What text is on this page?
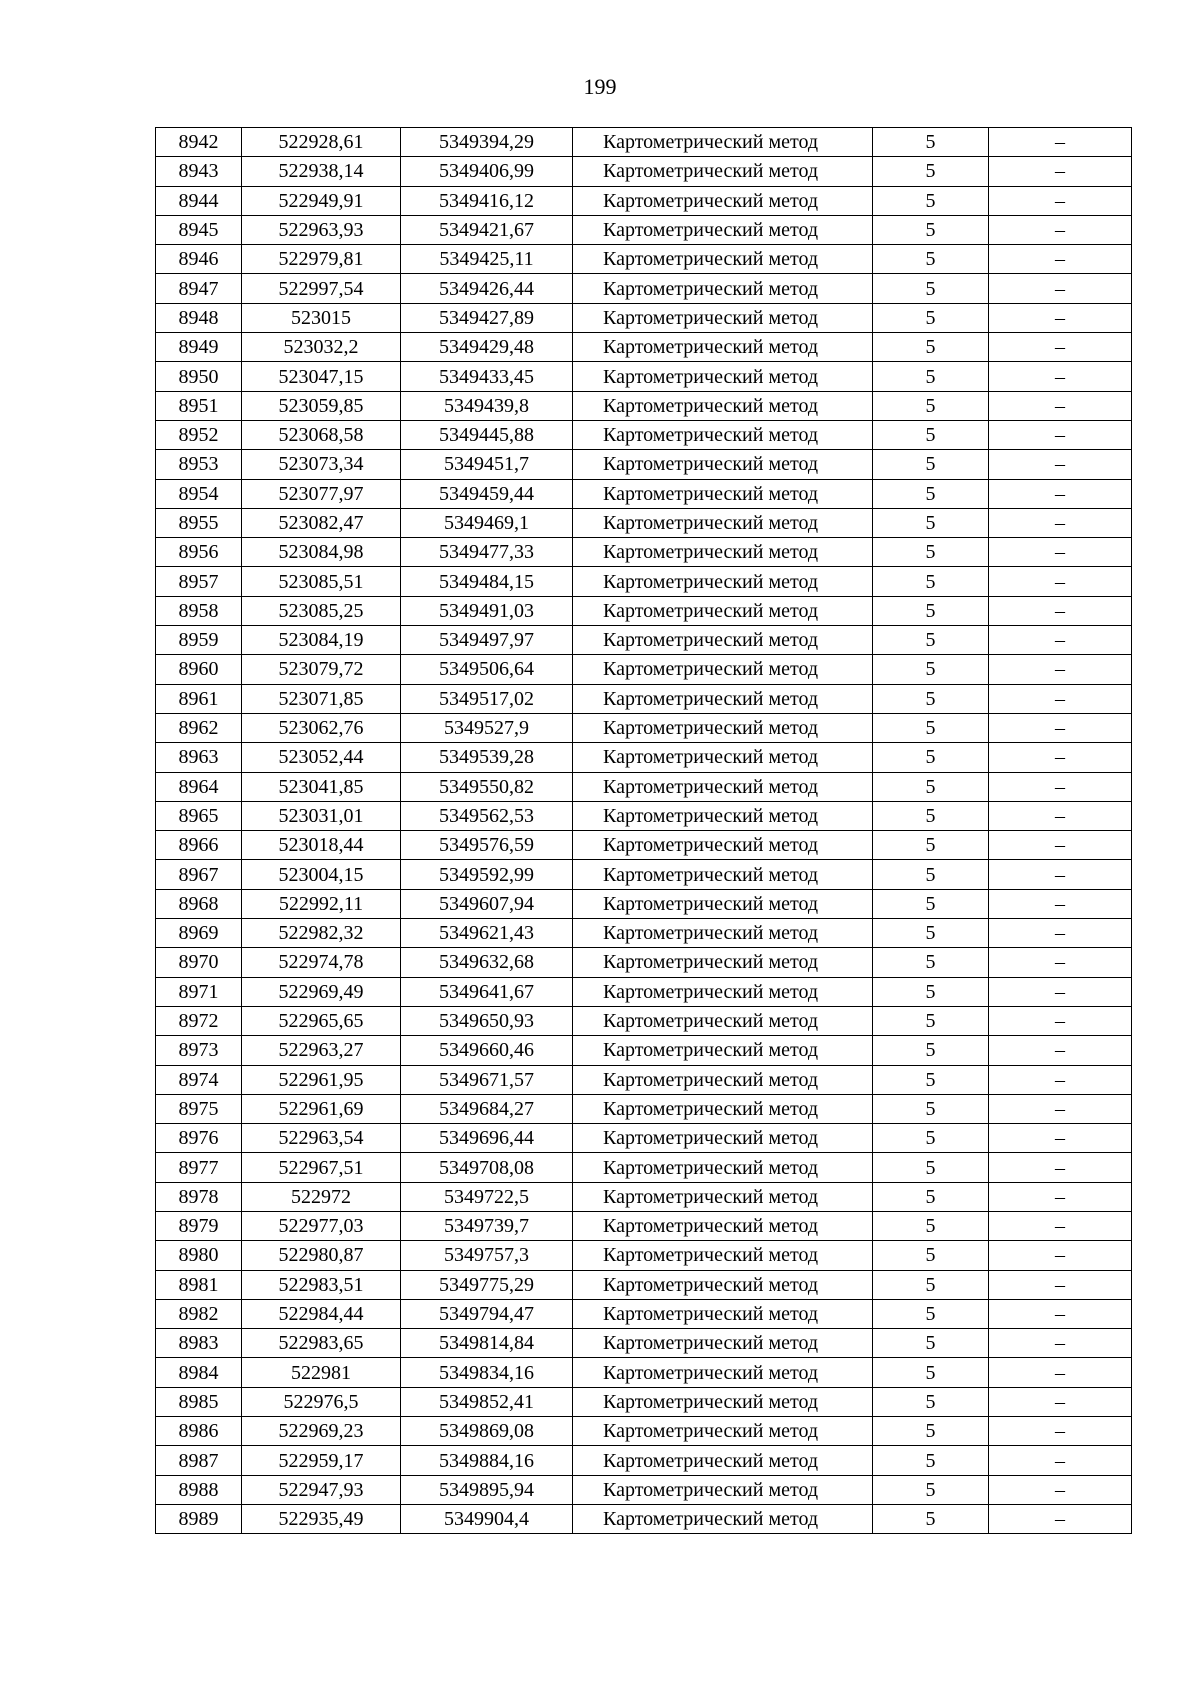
199
8942	522928,61	5349394,29	Картометрический метод	5	–
8943	522938,14	5349406,99	Картометрический метод	5	–
8944	522949,91	5349416,12	Картометрический метод	5	–
8945	522963,93	5349421,67	Картометрический метод	5	–
8946	522979,81	5349425,11	Картометрический метод	5	–
8947	522997,54	5349426,44	Картометрический метод	5	–
8948	523015	5349427,89	Картометрический метод	5	–
8949	523032,2	5349429,48	Картометрический метод	5	–
8950	523047,15	5349433,45	Картометрический метод	5	–
8951	523059,85	5349439,8	Картометрический метод	5	–
8952	523068,58	5349445,88	Картометрический метод	5	–
8953	523073,34	5349451,7	Картометрический метод	5	–
8954	523077,97	5349459,44	Картометрический метод	5	–
8955	523082,47	5349469,1	Картометрический метод	5	–
8956	523084,98	5349477,33	Картометрический метод	5	–
8957	523085,51	5349484,15	Картометрический метод	5	–
8958	523085,25	5349491,03	Картометрический метод	5	–
8959	523084,19	5349497,97	Картометрический метод	5	–
8960	523079,72	5349506,64	Картометрический метод	5	–
8961	523071,85	5349517,02	Картометрический метод	5	–
8962	523062,76	5349527,9	Картометрический метод	5	–
8963	523052,44	5349539,28	Картометрический метод	5	–
8964	523041,85	5349550,82	Картометрический метод	5	–
8965	523031,01	5349562,53	Картометрический метод	5	–
8966	523018,44	5349576,59	Картометрический метод	5	–
8967	523004,15	5349592,99	Картометрический метод	5	–
8968	522992,11	5349607,94	Картометрический метод	5	–
8969	522982,32	5349621,43	Картометрический метод	5	–
8970	522974,78	5349632,68	Картометрический метод	5	–
8971	522969,49	5349641,67	Картометрический метод	5	–
8972	522965,65	5349650,93	Картометрический метод	5	–
8973	522963,27	5349660,46	Картометрический метод	5	–
8974	522961,95	5349671,57	Картометрический метод	5	–
8975	522961,69	5349684,27	Картометрический метод	5	–
8976	522963,54	5349696,44	Картометрический метод	5	–
8977	522967,51	5349708,08	Картометрический метод	5	–
8978	522972	5349722,5	Картометрический метод	5	–
8979	522977,03	5349739,7	Картометрический метод	5	–
8980	522980,87	5349757,3	Картометрический метод	5	–
8981	522983,51	5349775,29	Картометрический метод	5	–
8982	522984,44	5349794,47	Картометрический метод	5	–
8983	522983,65	5349814,84	Картометрический метод	5	–
8984	522981	5349834,16	Картометрический метод	5	–
8985	522976,5	5349852,41	Картометрический метод	5	–
8986	522969,23	5349869,08	Картометрический метод	5	–
8987	522959,17	5349884,16	Картометрический метод	5	–
8988	522947,93	5349895,94	Картометрический метод	5	–
8989	522935,49	5349904,4	Картометрический метод	5	–
